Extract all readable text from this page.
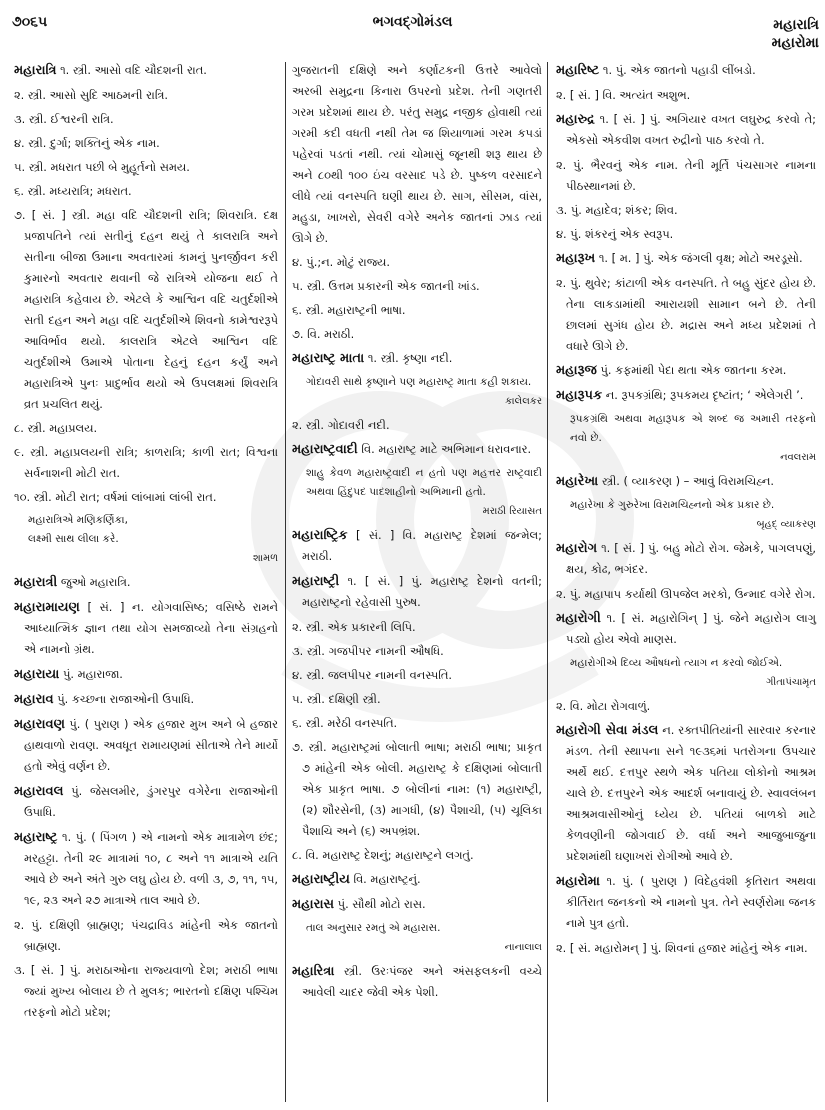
૭૦૬૫	ભગવદ્ગોમંડલ	મહારાત્રિ
મહારોમા
મહારાત્રિ ૧. સ્ત્રી. આસો વદિ ચૌદશની રાત.
૨. સ્ત્રી. આસો સુદિ આઠમની રાત્રિ.
૩. સ્ત્રી. ઈશ્વરની રાત્રિ.
૪. સ્ત્રી. દુર્ગા; શક્તિનું એક નામ.
૫. સ્ત્રી. મધરાત પછી બે મુહૂર્તનો સમય.
૬. સ્ત્રી. મધ્યરાત્રિ; મધરાત.
૭. [ સં. ] સ્ત્રી. મહા વદિ ચૌદશની રાત્રિ; શિવરાત્રિ. દક્ષ પ્રજાપતિને ત્યાં સતીનું દહન થયું તે કાલરાત્રિ અને સતીના બીજા ઉમાના અવતારમાં કામનું પુનર્જીવન કરી કુમારનો અવતાર થવાની જે રાત્રિએ યોજના થઈ તે મહારાત્રિ કહેવાય છે. એટલે કે આશ્વિન વદિ ચતુર્દશીએ સતી દહન અને મહા વદિ ચતુર્દશીએ શિવનો કામેશ્વરરૂપે આવિર્ભાવ થયો. કાલરાત્રિ એટલે આશ્વિન વદિ ચતુર્દશીએ ઉમાએ પોતાના દેહનું દહન કર્યું અને મહારાત્રિએ પુનઃ પ્રાદુર્ભાવ થયો એ ઉપલક્ષમાં શિવરાત્રિ વ્રત પ્રચલિત થયું.
૮. સ્ત્રી. મહાપ્રલય.
૯. સ્ત્રી. મહાપ્રલયની રાત્રિ; કાળરાત્રિ; કાળી રાત; વિશ્વના સર્વનાશની મોટી રાત.
૧૦. સ્ત્રી. મોટી રાત; વર્ષમાં લાંબામાં લાંબી રાત.
મહારાત્રિએ મણિકર્ણિકા,
લક્ષ્મી સાથ લીલા કરે.
શામળ
મહારાત્રી જુઓ મહારાત્રિ.
મહારામાયણ [ સં. ] ન. યોગવાસિષ્ઠ; વસિષ્ઠે રામને આધ્યાત્મિક જ્ઞાન તથા યોગ સમજાવ્યો તેના સંગ્રહનો એ નામનો ગ્રંથ.
મહારાયા પું. મહારાજા.
મહારાવ પું. કચ્છના રાજાઓની ઉપાધિ.
મહારાવણ પું. ( પુરાણ ) એક હજાર મુખ અને બે હજાર હાથવાળો રાવણ. અવધૂત રામાયણમાં સીતાએ તેને માર્યો હતો એવું વર્ણન છે.
મહારાવલ પું. જેસલમીર, ડુંગરપુર વગેરેના રાજાઓની ઉપાધિ.
મહારાષ્ટ્ર ૧. પું. ( પિંગળ ) એ નામનો એક માત્રામેળ છંદ; મરહટ્ટા. તેની ૨૯ માત્રામાં ૧૦, ૮ અને ૧૧ માત્રાએ યતિ આવે છે અને અંતે ગુરુ લઘુ હોય છે. વળી ૩, ૭, ૧૧, ૧૫, ૧૯, ૨૩ અને ૨૭ માત્રાએ તાલ આવે છે.
૨. પું. દક્ષિણી બ્રાહ્મણ; પંચદ્રાવિડ માંહેની એક જાતનો બ્રાહ્મણ.
૩. [ સં. ] પું. મરાઠાઓના રાજ્યવાળો દેશ; મરાઠી ભાષા જ્યાં મુખ્ય બોલાય છે તે મુલક; ભારતનો દક્ષિણ પશ્ચિમ તરફનો મોટો પ્રદેશ;
ગુજરાતની દક્ષિણે અને કર્ણાટકની ઉત્તરે આવેલો અરબી સમુદ્રના કિનારા ઉપરનો પ્રદેશ. તેની ગણતરી ગરમ પ્રદેશમાં થાય છે. પરંતુ સમુદ્ર નજીક હોવાથી ત્યાં ગરમી કદી વધતી નથી તેમ જ શિયાળામાં ગરમ કપડાં પહેરવાં પડતાં નથી. ત્યાં ચોમાસું જૂનથી શરૂ થાય છે અને ૮૦થી ૧૦૦ ઇંચ વરસાદ પડે છે. પુષ્કળ વરસાદને લીધે ત્યાં વનસ્પતિ ઘણી થાય છે. સાગ, સીસમ, વાંસ, મહુડા, ખાખરો, સેવરી વગેરે અનેક જાતનાં ઝાડ ત્યાં ઊગે છે.
૪. પું.;ન. મોટું રાજ્ય.
૫. સ્ત્રી. ઉત્તમ પ્રકારની એક જાતની ખાંડ.
૬. સ્ત્રી. મહારાષ્ટ્રની ભાષા.
૭. વિ. મરાઠી.
મહારાષ્ટ્ર માતા ૧. સ્ત્રી. કૃષ્ણા નદી.
ગોદાવરી સાથે કૃષ્ણાને પણ મહારાષ્ટ્ર માતા કહી શકાય.
કાલેલકર
૨. સ્ત્રી. ગોદાવરી નદી.
મહારાષ્ટ્રવાદી વિ. મહારાષ્ટ્ર માટે અભિમાન ધરાવનાર.
શાહુ કેવળ મહારાષ્ટ્રવાદી ન હતો પણ મહત્તર રાષ્ટ્રવાદી અથવા હિંદુપદ પાદશાહીનો અભિમાની હતો.
મરાઠી રિયાસત
મહારાષ્ટ્રિક [ સં. ] વિ. મહારાષ્ટ્ર દેશમાં જન્મેલ; મરાઠી.
મહારાષ્ટ્રી ૧. [ સં. ] પું. મહારાષ્ટ્ર દેશનો વતની; મહારાષ્ટ્રનો રહેવાસી પુરુષ.
૨. સ્ત્રી. એક પ્રકારની લિપિ.
૩. સ્ત્રી. ગજપીપર નામની ઔષધિ.
૪. સ્ત્રી. જલપીપર નામની વનસ્પતિ.
૫. સ્ત્રી. દક્ષિણી સ્ત્રી.
૬. સ્ત્રી. મરેઠી વનસ્પતિ.
૭. સ્ત્રી. મહારાષ્ટ્રમાં બોલાતી ભાષા; મરાઠી ભાષા; પ્રાકૃત ૭ માંહેની એક બોલી. મહારાષ્ટ્ર કે દક્ષિણમાં બોલાતી એક પ્રાકૃત ભાષા. ૭ બોલીનાં નામ: (૧) મહારાષ્ટ્રી, (૨) શૌરસેની, (૩) માગધી, (૪) પૈશાચી, (૫) ચૂલિકા પૈશાચિ અને (૬) અપભ્રંશ.
૮. વિ. મહારાષ્ટ્ર દેશનું; મહારાષ્ટ્રને લગતું.
મહારાષ્ટ્રીય વિ. મહારાષ્ટ્રનું.
મહારાસ પું. સૌથી મોટો રાસ.
તાલ અનુસાર રમતું એ મહારાસ.
નાનાલાલ
મહારિત્રા સ્ત્રી. ઉરઃપંજર અને અંસફલકની વચ્ચે આવેલી ચાદર જેવી એક પેશી.
મહારિષ્ટ ૧. પું. એક જાતનો પહાડી લીંબડો.
૨. [ સં. ] વિ. અત્યંત અશુભ.
મહારુદ્ર ૧. [ સં. ] પું. અગિયાર વખત લઘુરુદ્ર કરવો તે; એકસો એકવીશ વખત રુદ્રીનો પાઠ કરવો તે.
૨. પું. ભૈરવનું એક નામ. તેની મૂર્તિ પંચસાગર નામના પીઠસ્થાનમાં છે.
૩. પું. મહાદેવ; શંકર; શિવ.
૪. પું. શંકરનું એક સ્વરૂપ.
મહારૂખ ૧. [ મ. ] પું. એક જંગલી વૃક્ષ; મોટો અરડૂસો.
૨. પું. થુવેર; કાંટાળી એક વનસ્પતિ. તે બહુ સુંદર હોય છે. તેના લાકડામાંથી આરાયશી સામાન બને છે. તેની છાલમાં સુગંધ હોય છે. મદ્રાસ અને મધ્ય પ્રદેશમાં તે વધારે ઊગે છે.
મહારૂજ પું. કફમાંથી પેદા થતા એક જાતના કરમ.
મહારૂપક ન. રૂપકગ્રંથિ; રૂપકમય દૃષ્ટાંત; ‘ એલેગરી ’.
રૂપકગ્રંથિ અથવા મહારૂપક એ શબ્દ જ અમારી તરફનો નવો છે.
નવલરામ
મહારેખા સ્ત્રી. ( વ્યાકરણ ) – આવું વિરામચિહ્ન.
મહારેખા કે ગુરુરેખા વિરામચિહ્નનો એક પ્રકાર છે.
બૃહદ્ વ્યાકરણ
મહારોગ ૧. [ સં. ] પું. બહુ મોટો રોગ. જેમકે, પાગલપણું, ક્ષય, કોઢ, ભગંદર.
૨. પું. મહાપાપ કર્યાથી ઊપજેલ મરકો, ઉન્માદ વગેરે રોગ.
મહારોગી ૧. [ સં. મહારોગિન્ ] પું. જેને મહારોગ લાગુ પડ્યો હોય એવો માણસ.
મહારોગીએ દિવ્ય ઔષધનો ત્યાગ ન કરવો જોઈએ.
ગીતાપંચામૃત
૨. વિ. મોટા રોગવાળું.
મહારોગી સેવા મંડલ ન. રક્તપીતિયાંની સારવાર કરનાર મંડળ. તેની સ્થાપના સને ૧૯૩૬માં પતરોગના ઉપચાર અર્થે થઈ. દત્તપુર સ્થળે એક પતિયા લોકોનો આશ્રમ ચાલે છે. દત્તપુરને એક આદર્શ બનાવાયું છે. સ્વાવલંબન આશ્રમવાસીઓનું ધ્યેય છે. પતિયાં બાળકો માટે કેળવણીની જોગવાઈ છે. વર્ધા અને આજુબાજુના પ્રદેશમાંથી ઘણાખરાં રોગીઓ આવે છે.
મહારોમા ૧. પું. ( પુરાણ ) વિદેહવંશી કૃતિરાત અથવા કીર્તિરાત જનકનો એ નામનો પુત્ર. તેને સ્વર્ણરોમા જનક નામે પુત્ર હતો.
૨. [ સં. મહારોમન્ ] પું. શિવનાં હજાર માંહેનું એક નામ.
